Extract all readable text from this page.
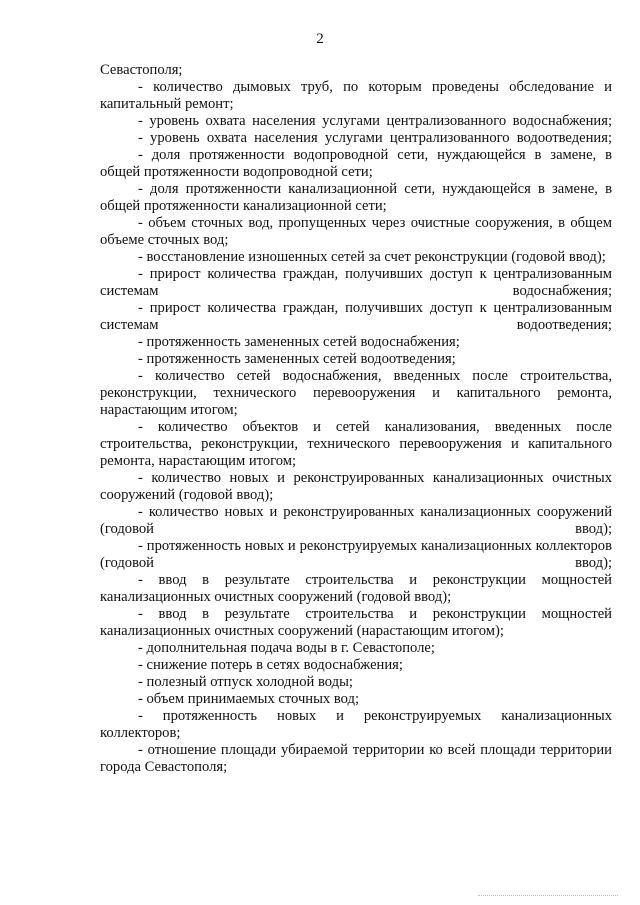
2

Севастополя;

- количество дымовых труб, по которым проведены обследование и капитальный ремонт;

- уровень охвата населения услугами централизованного водоснабжения;

- уровень охвата населения услугами централизованного водоотведения;

- доля протяженности водопроводной сети, нуждающейся в замене, в общей протяженности водопроводной сети;

- доля протяженности канализационной сети, нуждающейся в замене, в общей протяженности канализационной сети;

- объем сточных вод, пропущенных через очистные сооружения, в общем объеме сточных вод;

- восстановление изношенных сетей за счет реконструкции (годовой ввод);

- прирост количества граждан, получивших доступ к централизованным системам водоснабжения;

- прирост количества граждан, получивших доступ к централизованным системам водоотведения;

- протяженность замененных сетей водоснабжения;

- протяженность замененных сетей водоотведения;

- количество сетей водоснабжения, введенных после строительства, реконструкции, технического перевооружения и капитального ремонта, нарастающим итогом;

- количество объектов и сетей канализования, введенных после строительства, реконструкции, технического перевооружения и капитального ремонта, нарастающим итогом;

- количество новых и реконструированных канализационных очистных сооружений (годовой ввод);

- количество новых и реконструированных канализационных сооружений (годовой ввод);

- протяженность новых и реконструируемых канализационных коллекторов (годовой ввод);

- ввод в результате строительства и реконструкции мощностей канализационных очистных сооружений (годовой ввод);

- ввод в результате строительства и реконструкции мощностей канализационных очистных сооружений (нарастающим итогом);

- дополнительная подача воды в г. Севастополе;

- снижение потерь в сетях водоснабжения;

- полезный отпуск холодной воды;

- объем принимаемых сточных вод;

- протяженность новых и реконструируемых канализационных коллекторов;

- отношение площади убираемой территории ко всей площади территории города Севастополя;
